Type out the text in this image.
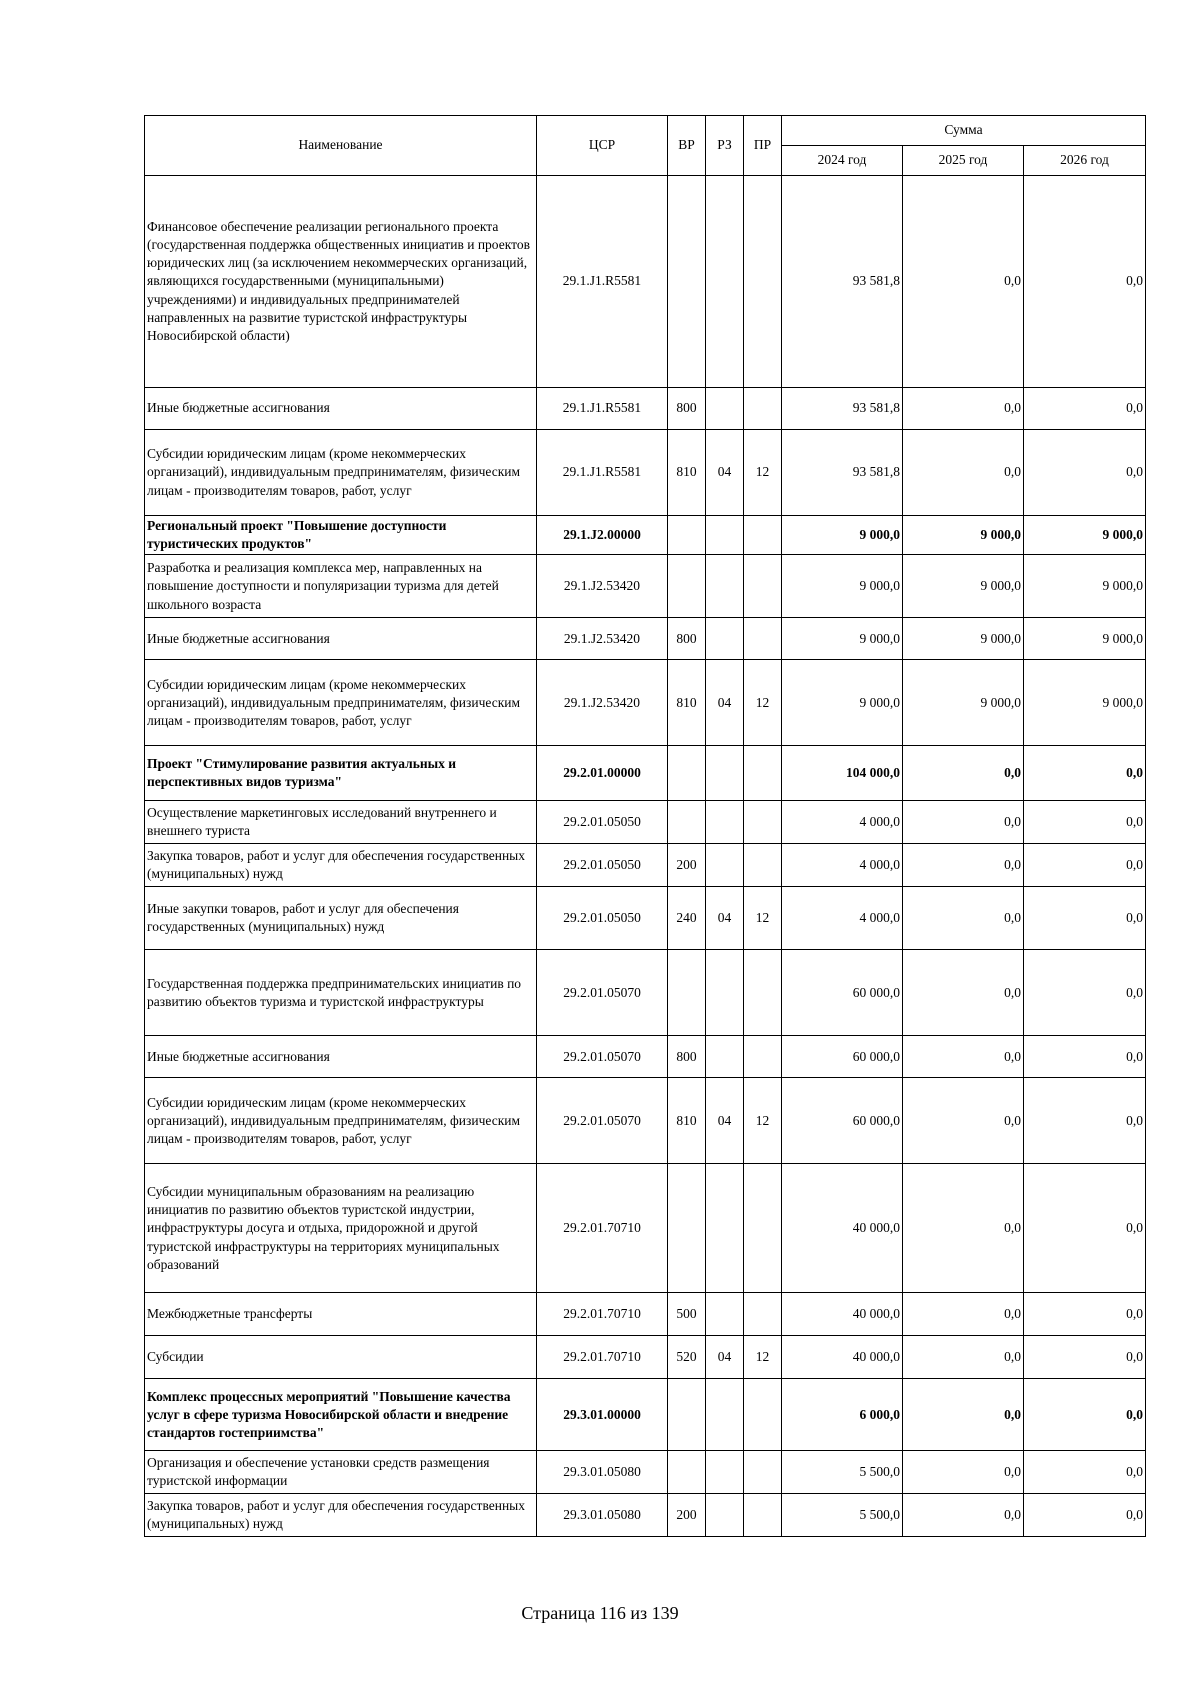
Наименование	ЦСР	ВР	РЗ	ПР	Сумма		
					2024 год	2025 год	2026 год
Финансовое обеспечение реализации регионального проекта (государственная поддержка общественных инициатив и проектов юридических лиц (за исключением некоммерческих организаций, являющихся государственными (муниципальными) учреждениями) и индивидуальных предпринимателей направленных на развитие туристской инфраструктуры Новосибирской области)	29.1.J1.R5581				93 581,8	0,0	0,0
Иные бюджетные ассигнования	29.1.J1.R5581	800			93 581,8	0,0	0,0
Субсидии юридическим лицам (кроме некоммерческих организаций), индивидуальным предпринимателям, физическим лицам - производителям товаров, работ, услуг	29.1.J1.R5581	810	04	12	93 581,8	0,0	0,0
Региональный проект "Повышение доступности туристических продуктов"	29.1.J2.00000				9 000,0	9 000,0	9 000,0
Разработка и реализация комплекса мер, направленных на повышение доступности и популяризации туризма для детей школьного возраста	29.1.J2.53420				9 000,0	9 000,0	9 000,0
Иные бюджетные ассигнования	29.1.J2.53420	800			9 000,0	9 000,0	9 000,0
Субсидии юридическим лицам (кроме некоммерческих организаций), индивидуальным предпринимателям, физическим лицам - производителям товаров, работ, услуг	29.1.J2.53420	810	04	12	9 000,0	9 000,0	9 000,0
Проект "Стимулирование развития актуальных и перспективных видов туризма"	29.2.01.00000				104 000,0	0,0	0,0
Осуществление маркетинговых исследований внутреннего и внешнего туриста	29.2.01.05050				4 000,0	0,0	0,0
Закупка товаров, работ и услуг для обеспечения государственных (муниципальных) нужд	29.2.01.05050	200			4 000,0	0,0	0,0
Иные закупки товаров, работ и услуг для обеспечения государственных (муниципальных) нужд	29.2.01.05050	240	04	12	4 000,0	0,0	0,0
Государственная поддержка предпринимательских инициатив по развитию объектов туризма и туристской инфраструктуры	29.2.01.05070				60 000,0	0,0	0,0
Иные бюджетные ассигнования	29.2.01.05070	800			60 000,0	0,0	0,0
Субсидии юридическим лицам (кроме некоммерческих организаций), индивидуальным предпринимателям, физическим лицам - производителям товаров, работ, услуг	29.2.01.05070	810	04	12	60 000,0	0,0	0,0
Субсидии муниципальным образованиям на реализацию инициатив по развитию объектов туристской индустрии, инфраструктуры досуга и отдыха, придорожной и другой туристской инфраструктуры на территориях муниципальных образований	29.2.01.70710				40 000,0	0,0	0,0
Межбюджетные трансферты	29.2.01.70710	500			40 000,0	0,0	0,0
Субсидии	29.2.01.70710	520	04	12	40 000,0	0,0	0,0
Комплекс процессных мероприятий "Повышение качества услуг в сфере туризма Новосибирской области и внедрение стандартов гостеприимства"	29.3.01.00000				6 000,0	0,0	0,0
Организация и обеспечение установки средств размещения туристской информации	29.3.01.05080				5 500,0	0,0	0,0
Закупка товаров, работ и услуг для обеспечения государственных (муниципальных) нужд	29.3.01.05080	200			5 500,0	0,0	0,0
Страница 116 из 139
